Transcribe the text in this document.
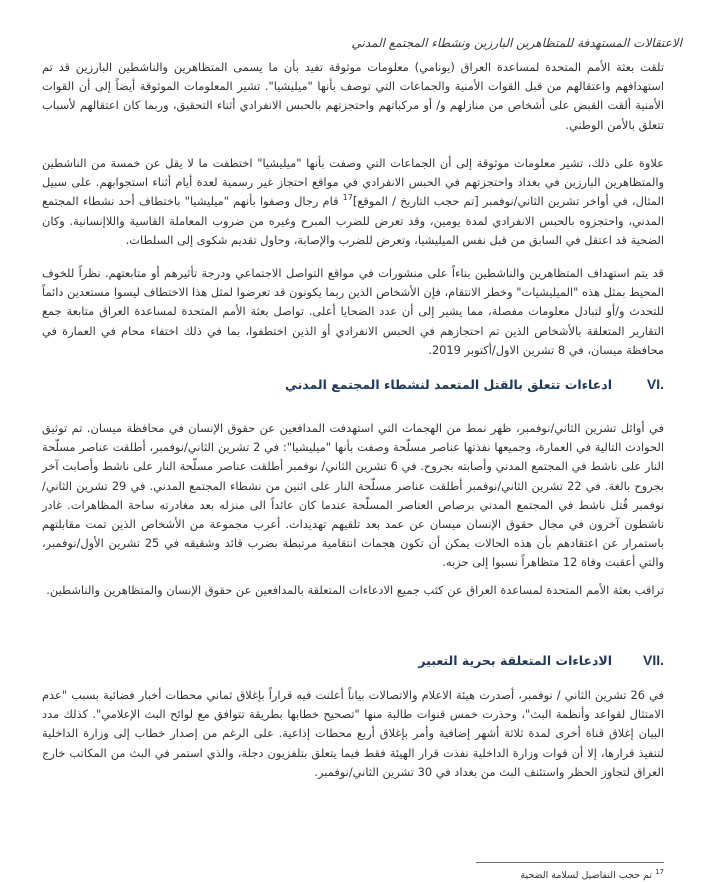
الاعتقالات المستهدفة للمتظاهرين البارزين ونشطاء المجتمع المدني

تلقت بعثة الأمم المتحدة لمساعدة العراق (يونامي) معلومات موثوقة تفيد بأن ما يسمى المتظاهرين والناشطين البارزين قد تم استهدافهم واعتقالهم من قبل القوات الأمنية والجماعات التي توصف بأنها "ميليشيا". تشير المعلومات الموثوقة أيضاً إلى أن القوات الأمنية ألقت القبض على أشخاص من منازلهم و/ أو مركباتهم واحتجزتهم بالحبس الانفرادي أثناء التحقيق، وربما كان اعتقالهم لأسباب تتعلق بالأمن الوطني.

علاوة على ذلك، تشير معلومات موثوقة إلى أن الجماعات التي وصفت بأنها "ميليشيا" اختطفت ما لا يقل عن خمسة من الناشطين والمتظاهرين البارزين في بغداد واحتجزتهم في الحبس الانفرادي في مواقع احتجاز غير رسمية لعدة أيام أثناء استجوابهم. على سبيل المثال، في أواخر تشرين الثاني/نوفمبر [تم حجب التاريخ / الموقع]$^{17}$ قام رجال وصفوا بأنهم "ميليشيا" باختطاف أحد نشطاء المجتمع المدني، واحتجزوه بالحبس الانفرادي لمدة يومين، وقد تعرض للضرب المبرح وغيره من ضروب المعاملة القاسية واللاإنسانية. وكان الضحية قد اعتقل في السابق من قبل نفس الميليشيا، وتعرض للضرب والإصابة، وحاول تقديم شكوى إلى السلطات.

قد يتم استهداف المتظاهرين والناشطين بناءاً على منشورات في مواقع التواصل الاجتماعي ودرجة تأثيرهم أو متابعتهم. نظراً للخوف المحيط بمثل هذه "الميليشيات" وخطر الانتقام، فإن الأشخاص الذين ربما يكونون قد تعرضوا لمثل هذا الاختطاف ليسوا مستعدين دائماً للتحدث و/أو لتبادل معلومات مفصلة، مما يشير إلى أن عدد الضحايا أعلى. تواصل بعثة الأمم المتحدة لمساعدة العراق متابعة جمع التقارير المتعلقة بالأشخاص الذين تم احتجازهم في الحبس الانفرادي أو الذين اختطفوا، بما في ذلك اختفاء محام في العمارة في محافظة ميسان، في 8 تشرين الاول/أكتوبر 2019.

VI.
ادعاءات تتعلق بالقتل المتعمد لنشطاء المجتمع المدني

في أوائل تشرين الثاني/نوفمبر، ظهر نمط من الهجمات التي استهدفت المدافعين عن حقوق الإنسان في محافظة ميسان. تم توثيق الحوادث التالية في العمارة، وجميعها نفذتها عناصر مسلّحة وصفت بأنها "ميليشيا": في 2 تشرين الثاني/نوفمبر، أطلقت عناصر مسلّحة النار على ناشط في المجتمع المدني وأصابته بجروح. في 6 تشرين الثاني/ نوفمبر أطلقت عناصر مسلّحة النار على ناشط وأصابت آخر بجروح بالغة. في 22 تشرين الثاني/نوفمبر أطلقت عناصر مسلّحة النار على اثنين من نشطاء المجتمع المدني. في 29 تشرين الثاني/نوفمبر قُتل ناشط في المجتمع المدني برصاص العناصر المسلّحة عندما كان عائداً الى منزله بعد مغادرته ساحة المظاهرات. غادر ناشطون آخرون في مجال حقوق الإنسان ميسان عن عمد بعد تلقيهم تهديدات. أعرب مجموعة من الأشخاص الذين تمت مقابلتهم باستمرار عن اعتقادهم بأن هذه الحالات يمكن أن تكون هجمات انتقامية مرتبطة بضرب قائد وشقيقه في 25 تشرين الأول/نوفمبر، والتي أعقبت وفاة 12 متظاهراً نسبوا إلى حزبه.

تراقب بعثة الأمم المتحدة لمساعدة العراق عن كثب جميع الادعاءات المتعلقة بالمدافعين عن حقوق الإنسان والمتظاهرين والناشطين.

VII.
الادعاءات المتعلقة بحرية التعبير

في 26 تشرين الثاني / نوفمبر، أصدرت هيئة الاعلام والاتصالات بياناً أعلنت فيه قراراً بإغلاق ثماني محطات أخبار فضائية بسبب "عدم الامتثال لقواعد وأنظمة البث"، وحذرت خمس قنوات طالبة منها "تصحيح خطابها بطريقة تتوافق مع لوائح البث الإعلامي". كذلك مدد البيان إغلاق قناة أخرى لمدة ثلاثة أشهر إضافية وأمر بإغلاق أربع محطات إذاعية. على الرغم من إصدار خطاب إلى وزارة الداخلية لتنفيذ قرارها، إلا أن قوات وزارة الداخلية نفذت قرار الهيئة فقط فيما يتعلق بتلفزيون دجلة، والذي استمر في البث من المكاتب خارج العراق لتجاوز الحظر واستئنف البث من بغداد في 30 تشرين الثاني/نوفمبر.

$^{17}$ تم حجب التفاصيل لسلامة الضحية
